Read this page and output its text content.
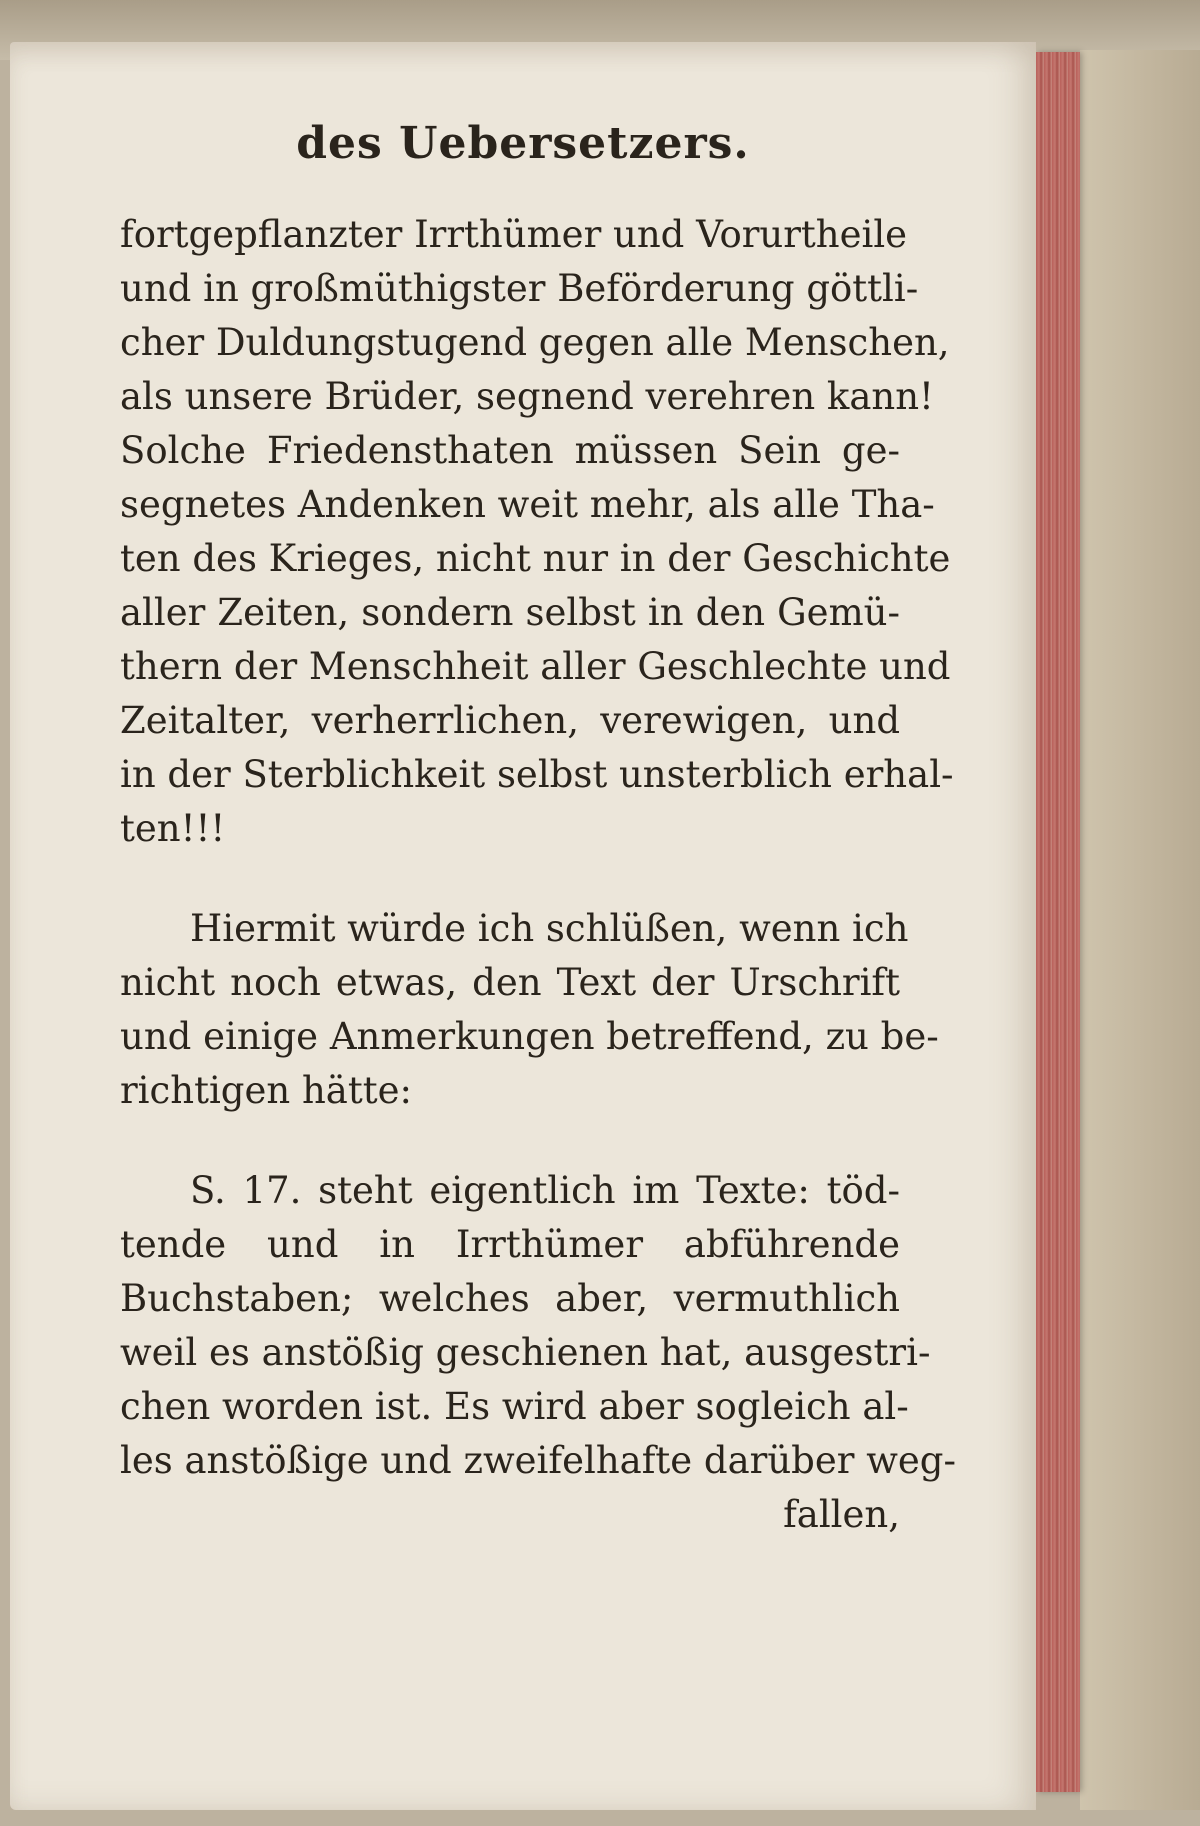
des Uebersetzers.
fortgepflanzter Irrthümer und Vorurtheile
und in großmüthigster Beförderung göttli-
cher Duldungstugend gegen alle Menschen,
als unsere Brüder, segnend verehren kann!
Solche Friedensthaten müssen Sein ge-
segnetes Andenken weit mehr, als alle Tha-
ten des Krieges, nicht nur in der Geschichte
aller Zeiten, sondern selbst in den Gemü-
thern der Menschheit aller Geschlechte und
Zeitalter, verherrlichen, verewigen, und
in der Sterblichkeit selbst unsterblich erhal-
ten!!!
Hiermit würde ich schlüßen, wenn ich
nicht noch etwas, den Text der Urschrift
und einige Anmerkungen betreffend, zu be-
richtigen hätte:
S. 17. steht eigentlich im Texte: töd-
tende und in Irrthümer abführende
Buchstaben; welches aber, vermuthlich
weil es anstößig geschienen hat, ausgestri-
chen worden ist. Es wird aber sogleich al-
les anstößige und zweifelhafte darüber weg-
fallen,
